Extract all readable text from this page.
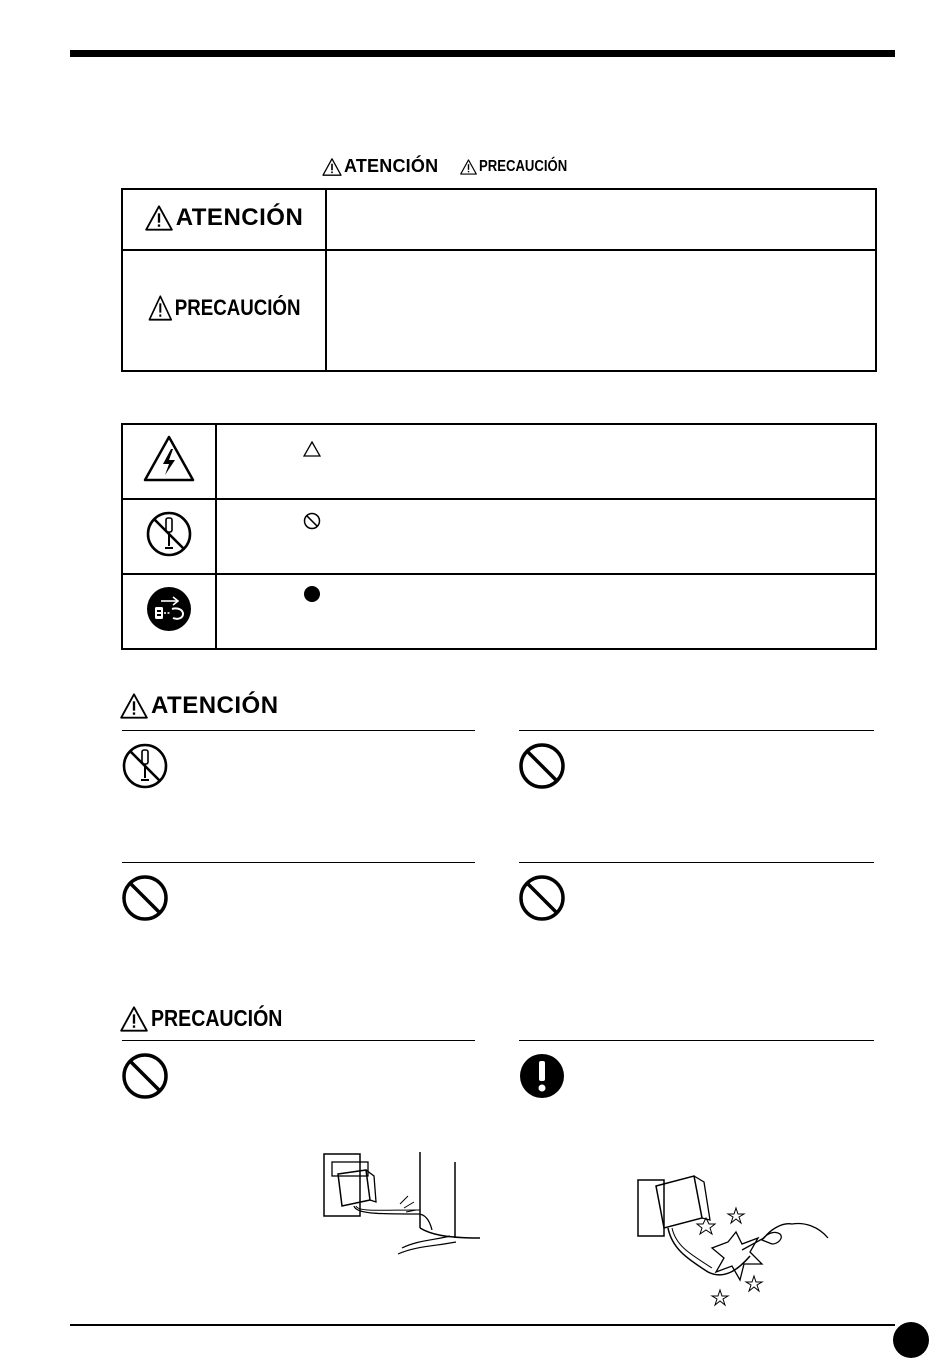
ATENCIÓN	PRECAUCIÓN
ATENCIÓN	

PRECAUCIÓN	

ATENCIÓN
PRECAUCIÓN
